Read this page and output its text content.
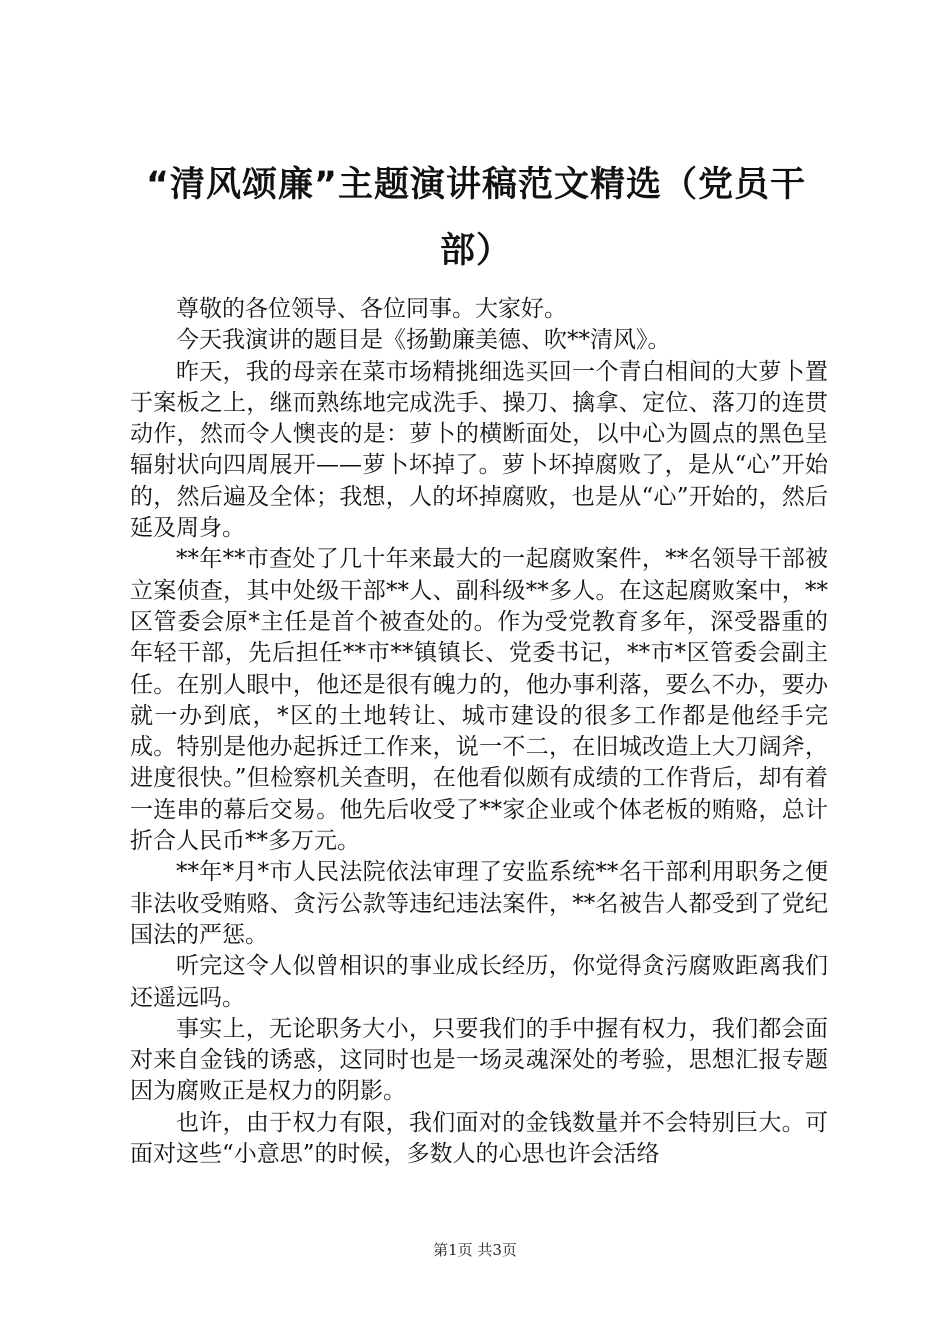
“清风颂廉”主题演讲稿范文精选（党员干部）

尊敬的各位领导、各位同事。大家好。

今天我演讲的题目是《扬勤廉美德、吹**清风》。

昨天，我的母亲在菜市场精挑细选买回一个青白相间的大萝卜置于案板之上，继而熟练地完成洗手、操刀、擒拿、定位、落刀的连贯动作，然而令人懊丧的是：萝卜的横断面处，以中心为圆点的黑色呈辐射状向四周展开——萝卜坏掉了。萝卜坏掉腐败了，是从“心”开始的，然后遍及全体；我想，人的坏掉腐败，也是从“心”开始的，然后延及周身。

**年**市查处了几十年来最大的一起腐败案件，**名领导干部被立案侦查，其中处级干部**人、副科级**多人。在这起腐败案中，**区管委会原*主任是首个被查处的。作为受党教育多年，深受器重的年轻干部，先后担任**市**镇镇长、党委书记，**市*区管委会副主任。在别人眼中，他还是很有魄力的，他办事利落，要么不办，要办就一办到底，*区的土地转让、城市建设的很多工作都是他经手完成。特别是他办起拆迁工作来，说一不二，在旧城改造上大刀阔斧，进度很快。”但检察机关查明，在他看似颇有成绩的工作背后，却有着一连串的幕后交易。他先后收受了**家企业或个体老板的贿赂，总计折合人民币**多万元。

**年*月*市人民法院依法审理了安监系统**名干部利用职务之便非法收受贿赂、贪污公款等违纪违法案件，**名被告人都受到了党纪国法的严惩。

听完这令人似曾相识的事业成长经历，你觉得贪污腐败距离我们还遥远吗。

事实上，无论职务大小，只要我们的手中握有权力，我们都会面对来自金钱的诱惑，这同时也是一场灵魂深处的考验，思想汇报专题因为腐败正是权力的阴影。

也许，由于权力有限，我们面对的金钱数量并不会特别巨大。可面对这些“小意思”的时候，多数人的心思也许会活络

第1页 共3页
